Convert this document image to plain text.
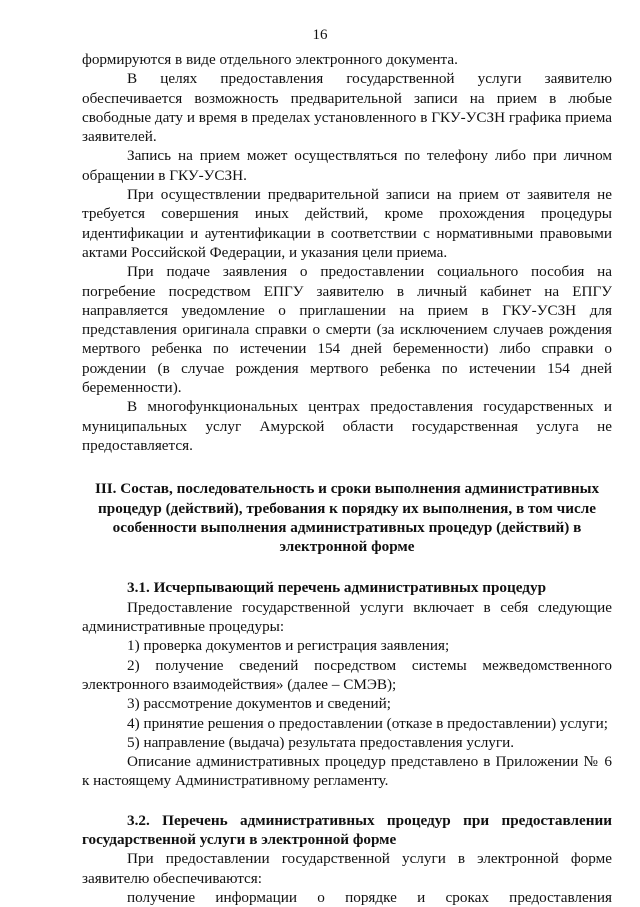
16

формируются в виде отдельного электронного документа.

В целях предоставления государственной услуги заявителю обеспечивается возможность предварительной записи на прием в любые свободные дату и время в пределах установленного в ГКУ-УСЗН графика приема заявителей.

Запись на прием может осуществляться по телефону либо при личном обращении в ГКУ-УСЗН.

При осуществлении предварительной записи на прием от заявителя не требуется совершения иных действий, кроме прохождения процедуры идентификации и аутентификации в соответствии с нормативными правовыми актами Российской Федерации, и указания цели приема.

При подаче заявления о предоставлении социального пособия на погребение посредством ЕПГУ заявителю в личный кабинет на ЕПГУ направляется уведомление о приглашении на прием в ГКУ-УСЗН для представления оригинала справки о смерти (за исключением случаев рождения мертвого ребенка по истечении 154 дней беременности) либо справки о рождении (в случае рождения мертвого ребенка по истечении 154 дней беременности).

В многофункциональных центрах предоставления государственных и муниципальных услуг Амурской области государственная услуга не предоставляется.

III. Состав, последовательность и сроки выполнения административных процедур (действий), требования к порядку их выполнения, в том числе особенности выполнения административных процедур (действий) в электронной форме

3.1. Исчерпывающий перечень административных процедур

Предоставление государственной услуги включает в себя следующие административные процедуры:

1) проверка документов и регистрация заявления;

2) получение сведений посредством системы межведомственного электронного взаимодействия» (далее – СМЭВ);

3) рассмотрение документов и сведений;

4) принятие решения о предоставлении (отказе в предоставлении) услуги;

5) направление (выдача) результата предоставления услуги.

Описание административных процедур представлено в Приложении № 6 к настоящему Административному регламенту.

3.2. Перечень административных процедур при предоставлении государственной услуги в электронной форме

При предоставлении государственной услуги в электронной форме заявителю обеспечиваются:

получение информации о порядке и сроках предоставления
